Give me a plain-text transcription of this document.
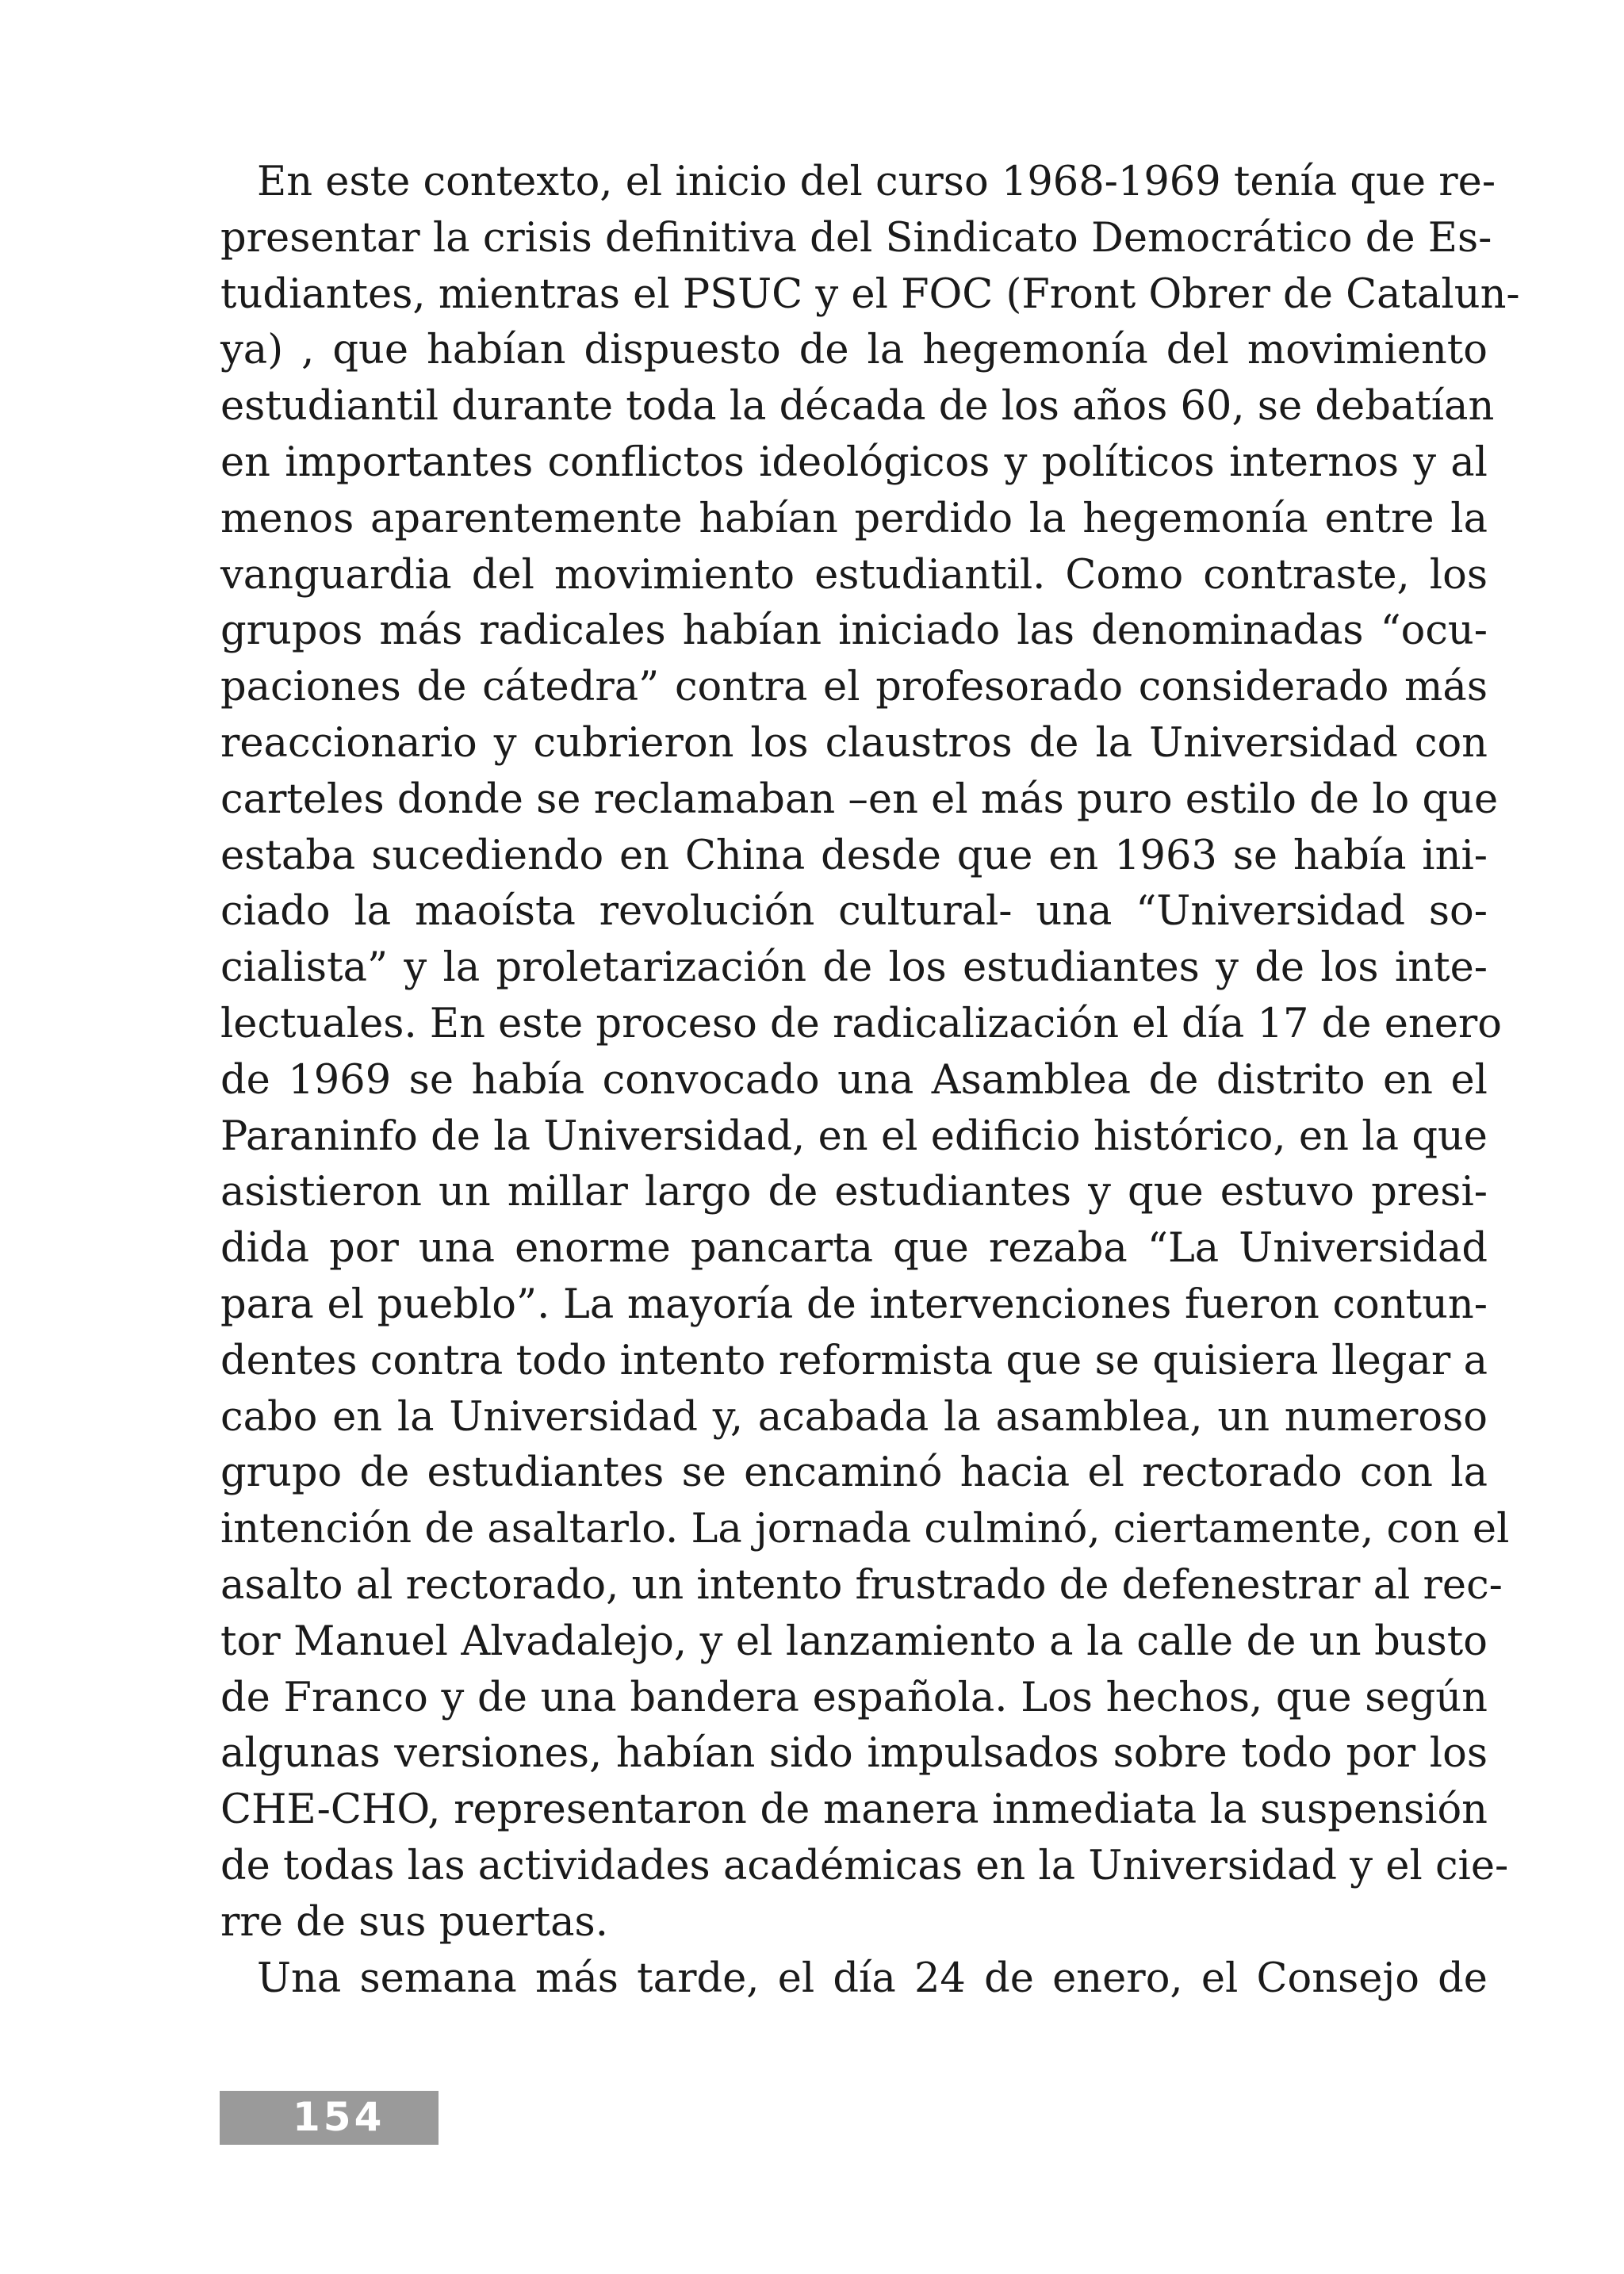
En este contexto, el inicio del curso 1968-1969 tenía que re-
presentar la crisis definitiva del Sindicato Democrático de Es-
tudiantes, mientras el PSUC y el FOC (Front Obrer de Catalun-
ya) , que habían dispuesto de la hegemonía del movimiento
estudiantil durante toda la década de los años 60, se debatían
en importantes conflictos ideológicos y políticos internos y al
menos aparentemente habían perdido la hegemonía entre la
vanguardia del movimiento estudiantil. Como contraste, los
grupos más radicales habían iniciado las denominadas “ocu-
paciones de cátedra” contra el profesorado considerado más
reaccionario y cubrieron los claustros de la Universidad con
carteles donde se reclamaban –en el más puro estilo de lo que
estaba sucediendo en China desde que en 1963 se había ini-
ciado la maoísta revolución cultural- una “Universidad so-
cialista” y la proletarización de los estudiantes y de los inte-
lectuales. En este proceso de radicalización el día 17 de enero
de 1969 se había convocado una Asamblea de distrito en el
Paraninfo de la Universidad, en el edificio histórico, en la que
asistieron un millar largo de estudiantes y que estuvo presi-
dida por una enorme pancarta que rezaba “La Universidad
para el pueblo”. La mayoría de intervenciones fueron contun-
dentes contra todo intento reformista que se quisiera llegar a
cabo en la Universidad y, acabada la asamblea, un numeroso
grupo de estudiantes se encaminó hacia el rectorado con la
intención de asaltarlo. La jornada culminó, ciertamente, con el
asalto al rectorado, un intento frustrado de defenestrar al rec-
tor Manuel Alvadalejo, y el lanzamiento a la calle de un busto
de Franco y de una bandera española. Los hechos, que según
algunas versiones, habían sido impulsados sobre todo por los
CHE-CHO, representaron de manera inmediata la suspensión
de todas las actividades académicas en la Universidad y el cie-
rre de sus puertas.
Una semana más tarde, el día 24 de enero, el Consejo de
154
